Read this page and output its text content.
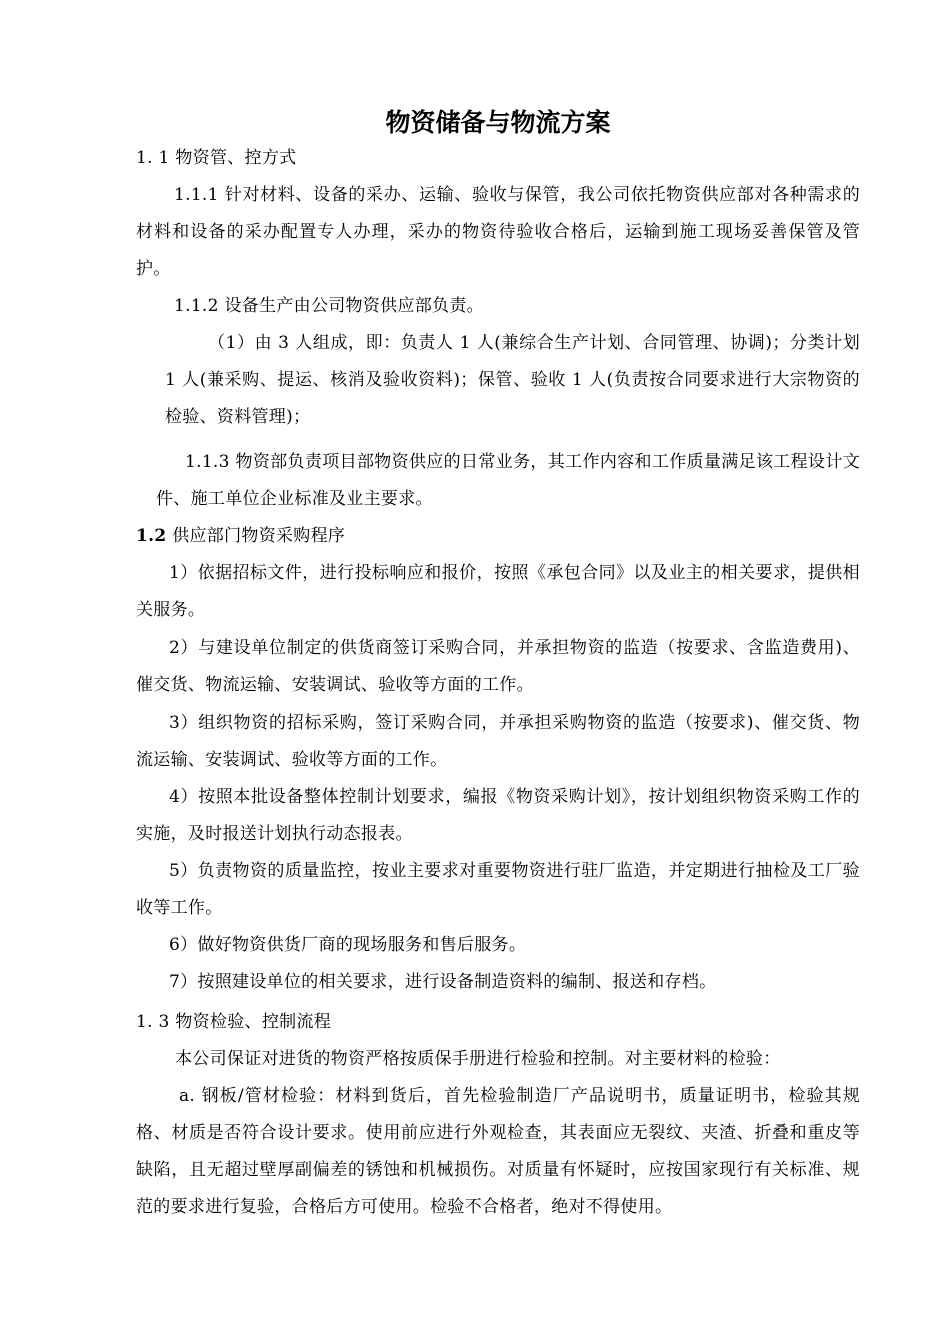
物资储备与物流方案
1. 1 物资管、控方式
1.1.1 针对材料、设备的采办、运输、验收与保管，我公司依托物资供应部对各种需求的材料和设备的采办配置专人办理，采办的物资待验收合格后，运输到施工现场妥善保管及管护。
1.1.2 设备生产由公司物资供应部负责。
（1）由 3 人组成，即：负责人 1 人(兼综合生产计划、合同管理、协调)；分类计划 1 人(兼采购、提运、核消及验收资料)；保管、验收 1 人(负责按合同要求进行大宗物资的检验、资料管理)；
1.1.3 物资部负责项目部物资供应的日常业务，其工作内容和工作质量满足该工程设计文件、施工单位企业标准及业主要求。
1.2 供应部门物资采购程序
1）依据招标文件，进行投标响应和报价，按照《承包合同》以及业主的相关要求，提供相关服务。
2）与建设单位制定的供货商签订采购合同，并承担物资的监造（按要求、含监造费用)、催交货、物流运输、安装调试、验收等方面的工作。
3）组织物资的招标采购，签订采购合同，并承担采购物资的监造（按要求)、催交货、物流运输、安装调试、验收等方面的工作。
4）按照本批设备整体控制计划要求，编报《物资采购计划》，按计划组织物资采购工作的实施，及时报送计划执行动态报表。
5）负责物资的质量监控，按业主要求对重要物资进行驻厂监造，并定期进行抽检及工厂验收等工作。
6）做好物资供货厂商的现场服务和售后服务。
7）按照建设单位的相关要求，进行设备制造资料的编制、报送和存档。
1. 3 物资检验、控制流程
本公司保证对进货的物资严格按质保手册进行检验和控制。对主要材料的检验：
a. 钢板/管材检验：材料到货后，首先检验制造厂产品说明书，质量证明书，检验其规格、材质是否符合设计要求。使用前应进行外观检查，其表面应无裂纹、夹渣、折叠和重皮等缺陷，且无超过壁厚副偏差的锈蚀和机械损伤。对质量有怀疑时，应按国家现行有关标准、规范的要求进行复验，合格后方可使用。检验不合格者，绝对不得使用。
